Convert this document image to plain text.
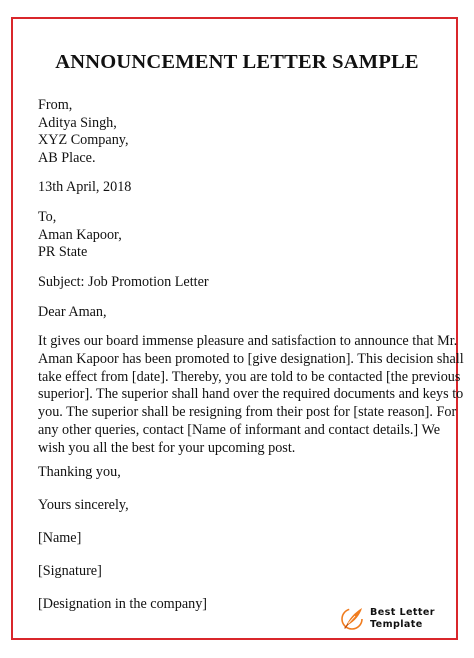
ANNOUNCEMENT LETTER SAMPLE
From,
Aditya Singh,
XYZ Company,
AB Place.
13th April, 2018
To,
Aman Kapoor,
PR State
Subject: Job Promotion Letter
Dear Aman,
It gives our board immense pleasure and satisfaction to announce that Mr.
Aman Kapoor has been promoted to [give designation]. This decision shall
take effect from [date]. Thereby, you are told to be contacted [the previous
superior]. The superior shall hand over the required documents and keys to
you. The superior shall be resigning from their post for [state reason]. For
any other queries, contact [Name of informant and contact details.] We
wish you all the best for your upcoming post.
Thanking you,
Yours sincerely,
[Name]
[Signature]
[Designation in the company]
Best Letter
Template
